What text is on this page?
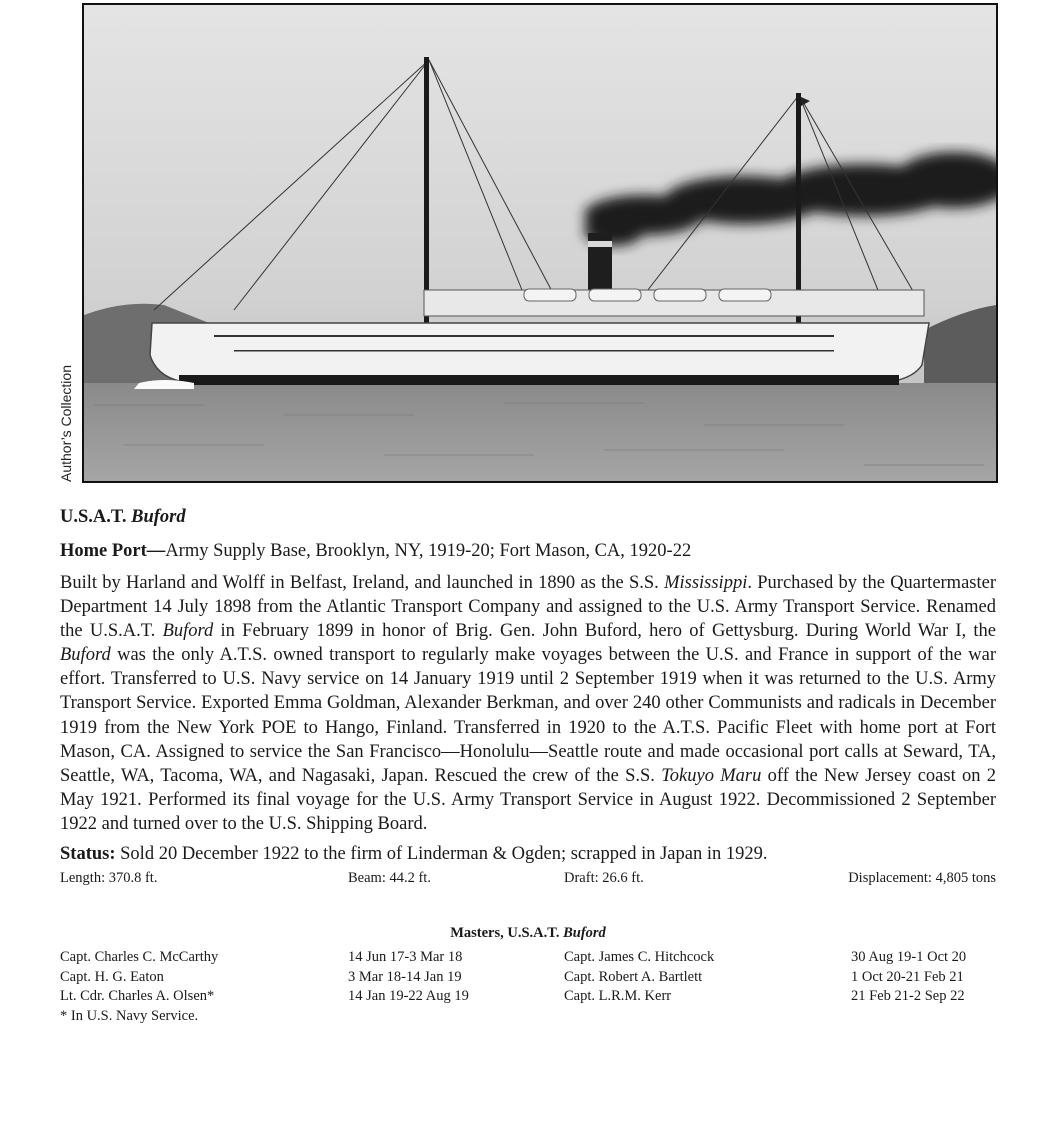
Author’s Collection
U.S.A.T. Buford
Home Port—Army Supply Base, Brooklyn, NY, 1919-20; Fort Mason, CA, 1920-22
Built by Harland and Wolff in Belfast, Ireland, and launched in 1890 as the S.S. Mississippi. Purchased by the Quartermaster Department 14 July 1898 from the Atlantic Transport Company and assigned to the U.S. Army Transport Service. Renamed the U.S.A.T. Buford in February 1899 in honor of Brig. Gen. John Buford, hero of Gettysburg. During World War I, the Buford was the only A.T.S. owned transport to regularly make voyages between the U.S. and France in support of the war effort. Transferred to U.S. Navy service on 14 January 1919 until 2 September 1919 when it was returned to the U.S. Army Transport Service. Exported Emma Goldman, Alexander Berkman, and over 240 other Communists and radicals in December 1919 from the New York POE to Hango, Finland. Transferred in 1920 to the A.T.S. Pacific Fleet with home port at Fort Mason, CA. Assigned to service the San Francisco—Honolulu—Seattle route and made occasional port calls at Seward, TA, Seattle, WA, Tacoma, WA, and Nagasaki, Japan. Rescued the crew of the S.S. Tokuyo Maru off the New Jersey coast on 2 May 1921. Performed its final voyage for the U.S. Army Transport Service in August 1922. Decommissioned 2 September 1922 and turned over to the U.S. Shipping Board.
Status: Sold 20 December 1922 to the firm of Linderman & Ogden; scrapped in Japan in 1929.
Length: 370.8 ft.	Beam: 44.2 ft.	Draft: 26.6 ft.	Displacement: 4,805 tons
Masters, U.S.A.T. Buford
Capt. Charles C. McCarthy	14 Jun 17-3 Mar 18	Capt. James C. Hitchcock	30 Aug 19-1 Oct 20
Capt. H. G. Eaton	3 Mar 18-14 Jan 19	Capt. Robert A. Bartlett	1 Oct 20-21 Feb 21
Lt. Cdr. Charles A. Olsen*	14 Jan 19-22 Aug 19	Capt. L.R.M. Kerr	21 Feb 21-2 Sep 22
* In U.S. Navy Service.
